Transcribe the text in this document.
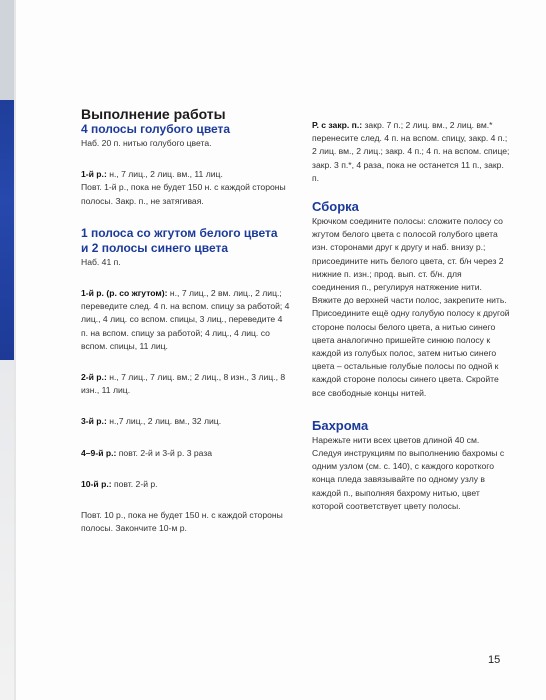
Выполнение работы
4 полосы голубого цвета

Наб. 20 п. нитью голубого цвета.

1-й р.: н., 7 лиц., 2 лиц. вм., 11 лиц.

Повт. 1-й р., пока не будет 150 н. с каждой стороны полосы. Закр. п., не затягивая.

1 полоса со жгутом белого цвета
и 2 полосы синего цвета

Наб. 41 п.

1-й р. (р. со жгутом): н., 7 лиц., 2 вм. лиц., 2 лиц.; переведите след. 4 п. на вспом. спицу за работой; 4 лиц., 4 лиц. со вспом. спицы, 3 лиц., переведите 4 п. на вспом. спицу за работой; 4 лиц., 4 лиц. со вспом. спицы, 11 лиц.

2-й р.: н., 7 лиц., 7 лиц. вм.; 2 лиц., 8 изн., 3 лиц., 8 изн., 11 лиц.

3-й р.: н.,7 лиц., 2 лиц. вм., 32 лиц.

4–9-й р.: повт. 2-й и 3-й р. 3 раза

10-й р.: повт. 2-й р.

Повт. 10 р., пока не будет 150 н. с каждой стороны полосы. Закончите 10-м р.

Р. с закр. п.: закр. 7 п.; 2 лиц. вм., 2 лиц. вм.* перенесите след. 4 п. на вспом. спицу, закр. 4 п.; 2 лиц. вм., 2 лиц.; закр. 4 п.; 4 п. на вспом. спице; закр. 3 п.*, 4 раза, пока не останется 11 п., закр. п.

Сборка

Крючком соедините полосы: сложите полосу со жгутом белого цвета с полосой голубого цвета изн. сторонами друг к другу и наб. внизу р.; присоедините нить белого цвета, ст. б/н через 2 нижние п. изн.; прод. вып. ст. б/н. для соединения п., регулируя натяжение нити. Вяжите до верхней части полос, закрепите нить. Присоедините ещё одну голубую полосу к другой стороне полосы белого цвета, а нитью синего цвета аналогично пришейте синюю полосу к каждой из голубых полос, затем нитью синего цвета – остальные голубые полосы по одной к каждой стороне полосы синего цвета. Скройте все свободные концы нитей.

Бахрома

Нарежьте нити всех цветов длиной 40 см. Следуя инструкциям по выполнению бахромы с одним узлом (см. с. 140), с каждого короткого конца пледа завязывайте по одному узлу в каждой п., выполняя бахрому нитью, цвет которой соответствует цвету полосы.

15
